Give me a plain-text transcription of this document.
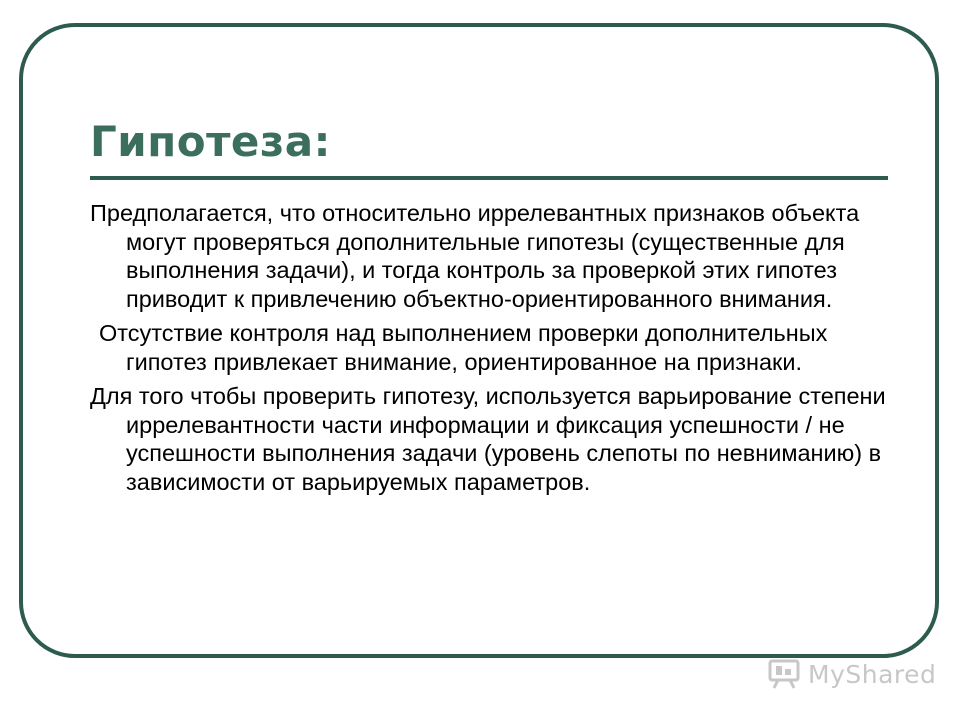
Гипотеза:

Предполагается, что относительно иррелевантных признаков объекта могут проверяться дополнительные гипотезы (существенные для выполнения задачи), и тогда контроль за проверкой этих гипотез приводит к привлечению объектно-ориентированного внимания.

Отсутствие контроля над выполнением проверки дополнительных гипотез привлекает внимание, ориентированное на признаки.

Для того чтобы проверить гипотезу, используется варьирование степени иррелевантности части информации и фиксация успешности / не успешности выполнения задачи (уровень слепоты по невниманию) в зависимости от варьируемых параметров.

MyShared
